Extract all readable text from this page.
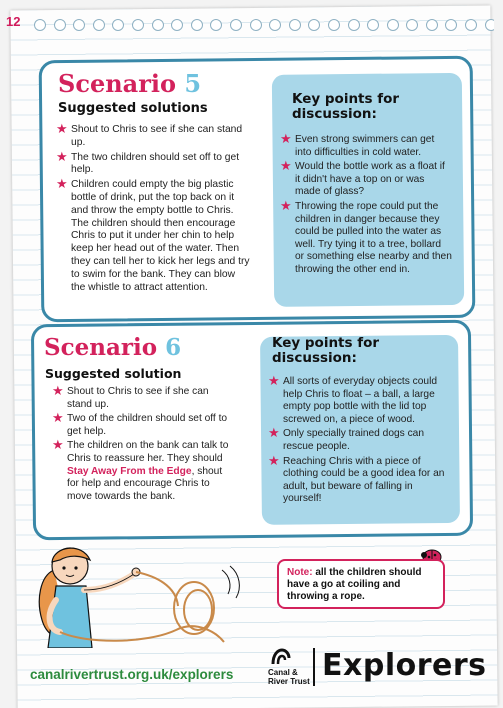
12
Scenario 5
Suggested solutions
★ Shout to Chris to see if she can stand up.
★ The two children should set off to get help.
★ Children could empty the big plastic bottle of drink, put the top back on it and throw the empty bottle to Chris. The children should then encourage Chris to put it under her chin to help keep her head out of the water. Then they can tell her to kick her legs and try to swim for the bank. They can blow the whistle to attract attention.
Key points for discussion:
★ Even strong swimmers can get into difficulties in cold water.
★ Would the bottle work as a float if it didn't have a top on or was made of glass?
★ Throwing the rope could put the children in danger because they could be pulled into the water as well. Try tying it to a tree, bollard or something else nearby and then throwing the other end in.
Scenario 6
Suggested solution
★ Shout to Chris to see if she can stand up.
★ Two of the children should set off to get help.
★ The children on the bank can talk to Chris to reassure her. They should Stay Away From the Edge, shout for help and encourage Chris to move towards the bank.
Key points for discussion:
★ All sorts of everyday objects could help Chris to float – a ball, a large empty pop bottle with the lid top screwed on, a piece of wood.
★ Only specially trained dogs can rescue people.
★ Reaching Chris with a piece of clothing could be a good idea for an adult, but beware of falling in yourself!
Note: all the children should have a go at coiling and throwing a rope.
canalrivertrust.org.uk/explorers	Canal & River Trust Explorers
